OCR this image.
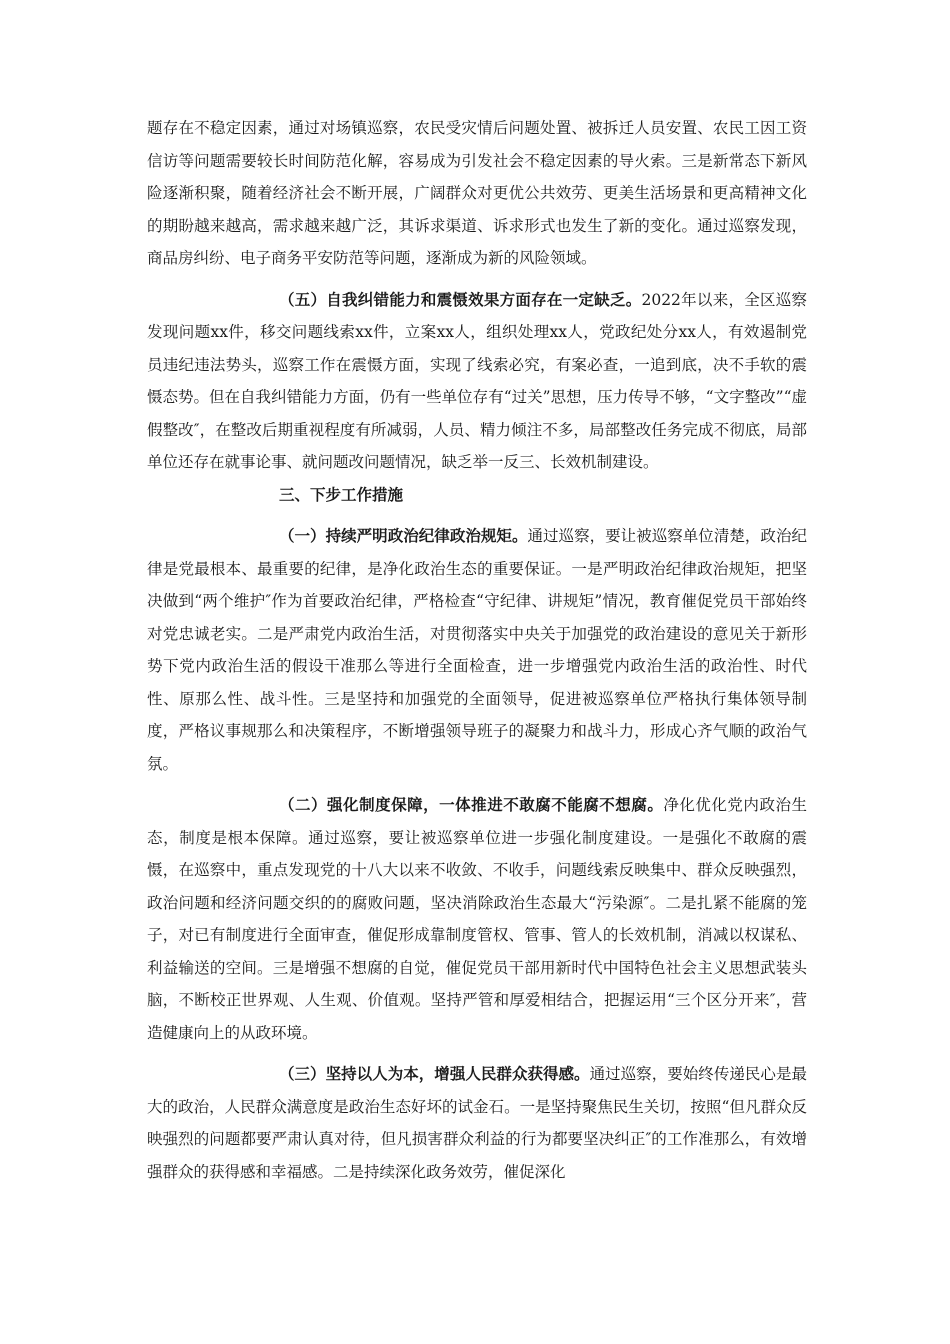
题存在不稳定因素，通过对场镇巡察，农民受灾情后问题处置、被拆迁人员安置、农民工因工资信访等问题需要较长时间防范化解，容易成为引发社会不稳定因素的导火索。三是新常态下新风险逐渐积聚，随着经济社会不断开展，广阔群众对更优公共效劳、更美生活场景和更高精神文化的期盼越来越高，需求越来越广泛，其诉求渠道、诉求形式也发生了新的变化。通过巡察发现，商品房纠纷、电子商务平安防范等问题，逐渐成为新的风险领域。

（五）自我纠错能力和震慑效果方面存在一定缺乏。2022年以来，全区巡察发现问题xx件，移交问题线索xx件，立案xx人，组织处理xx人，党政纪处分xx人，有效遏制党员违纪违法势头，巡察工作在震慑方面，实现了线索必究，有案必查，一追到底，决不手软的震慑态势。但在自我纠错能力方面，仍有一些单位存有“过关”思想，压力传导不够，“文字整改”“虚假整改″，在整改后期重视程度有所减弱，人员、精力倾注不多，局部整改任务完成不彻底，局部单位还存在就事论事、就问题改问题情况，缺乏举一反三、长效机制建设。

三、下步工作措施

（一）持续严明政治纪律政治规矩。通过巡察，要让被巡察单位清楚，政治纪律是党最根本、最重要的纪律，是净化政治生态的重要保证。一是严明政治纪律政治规矩，把坚决做到“两个维护″作为首要政治纪律，严格检查“守纪律、讲规矩”情况，教育催促党员干部始终对党忠诚老实。二是严肃党内政治生活，对贯彻落实中央关于加强党的政治建设的意见关于新形势下党内政治生活的假设干准那么等进行全面检查，进一步增强党内政治生活的政治性、时代性、原那么性、战斗性。三是坚持和加强党的全面领导，促进被巡察单位严格执行集体领导制度，严格议事规那么和决策程序，不断增强领导班子的凝聚力和战斗力，形成心齐气顺的政治气氛。

（二）强化制度保障，一体推进不敢腐不能腐不想腐。净化优化党内政治生态，制度是根本保障。通过巡察，要让被巡察单位进一步强化制度建设。一是强化不敢腐的震慑，在巡察中，重点发现党的十八大以来不收敛、不收手，问题线索反映集中、群众反映强烈，政治问题和经济问题交织的的腐败问题，坚决消除政治生态最大“污染源″。二是扎紧不能腐的笼子，对已有制度进行全面审查，催促形成靠制度管权、管事、管人的长效机制，消减以权谋私、利益输送的空间。三是增强不想腐的自觉，催促党员干部用新时代中国特色社会主义思想武装头脑，不断校正世界观、人生观、价值观。坚持严管和厚爱相结合，把握运用“三个区分开来″，营造健康向上的从政环境。

（三）坚持以人为本，增强人民群众获得感。通过巡察，要始终传递民心是最大的政治，人民群众满意度是政治生态好坏的试金石。一是坚持聚焦民生关切，按照“但凡群众反映强烈的问题都要严肃认真对待，但凡损害群众利益的行为都要坚决纠正″的工作准那么，有效增强群众的获得感和幸福感。二是持续深化政务效劳，催促深化
